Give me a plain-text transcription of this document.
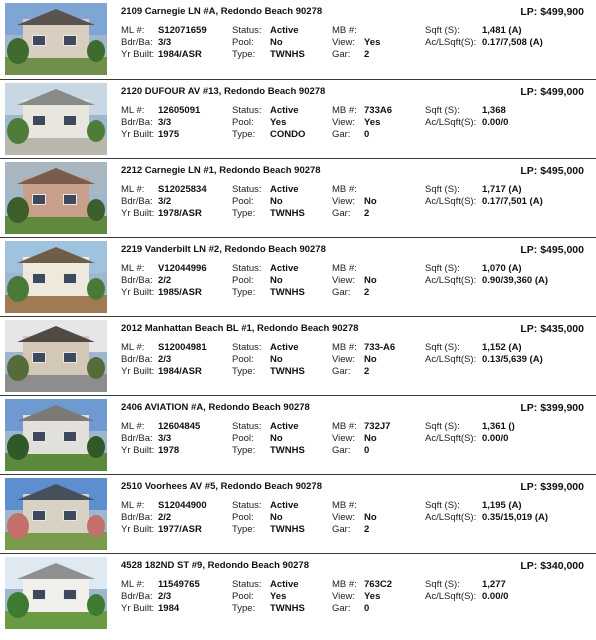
2109 Carnegie LN #A, Redondo Beach 90278	LP: $499,900
ML #: S12071659
Bdr/Ba: 3/3
Yr Built: 1984/ASR
Status: Active
Pool: No
Type: TWNHS
MB #:
View: Yes
Gar: 2
Sqft (S): 1,481 (A)
Ac/LSqft(S): 0.17/7,508 (A)
2120 DUFOUR AV #13, Redondo Beach 90278	LP: $499,000
ML #: 12605091
Bdr/Ba: 3/3
Yr Built: 1975
Status: Active
Pool: Yes
Type: CONDO
MB #: 733A6
View: Yes
Gar: 0
Sqft (S): 1,368
Ac/LSqft(S): 0.00/0
2212 Carnegie LN #1, Redondo Beach 90278	LP: $495,000
ML #: S12025834
Bdr/Ba: 3/2
Yr Built: 1978/ASR
Status: Active
Pool: No
Type: TWNHS
MB #:
View: No
Gar: 2
Sqft (S): 1,717 (A)
Ac/LSqft(S): 0.17/7,501 (A)
2219 Vanderbilt LN #2, Redondo Beach 90278	LP: $495,000
ML #: V12044996
Bdr/Ba: 2/2
Yr Built: 1985/ASR
Status: Active
Pool: No
Type: TWNHS
MB #:
View: No
Gar: 2
Sqft (S): 1,070 (A)
Ac/LSqft(S): 0.90/39,360 (A)
2012 Manhattan Beach BL #1, Redondo Beach 90278	LP: $435,000
ML #: S12004981
Bdr/Ba: 2/3
Yr Built: 1984/ASR
Status: Active
Pool: No
Type: TWNHS
MB #: 733-A6
View: No
Gar: 2
Sqft (S): 1,152 (A)
Ac/LSqft(S): 0.13/5,639 (A)
2406 AVIATION #A, Redondo Beach 90278	LP: $399,900
ML #: 12604845
Bdr/Ba: 3/3
Yr Built: 1978
Status: Active
Pool: No
Type: TWNHS
MB #: 732J7
View: No
Gar: 0
Sqft (S): 1,361 ()
Ac/LSqft(S): 0.00/0
2510 Voorhees AV #5, Redondo Beach 90278	LP: $399,000
ML #: S12044900
Bdr/Ba: 2/2
Yr Built: 1977/ASR
Status: Active
Pool: No
Type: TWNHS
MB #:
View: No
Gar: 2
Sqft (S): 1,195 (A)
Ac/LSqft(S): 0.35/15,019 (A)
4528 182ND ST #9, Redondo Beach 90278	LP: $340,000
ML #: 11549765
Bdr/Ba: 2/3
Yr Built: 1984
Status: Active
Pool: Yes
Type: TWNHS
MB #: 763C2
View: Yes
Gar: 0
Sqft (S): 1,277
Ac/LSqft(S): 0.00/0
